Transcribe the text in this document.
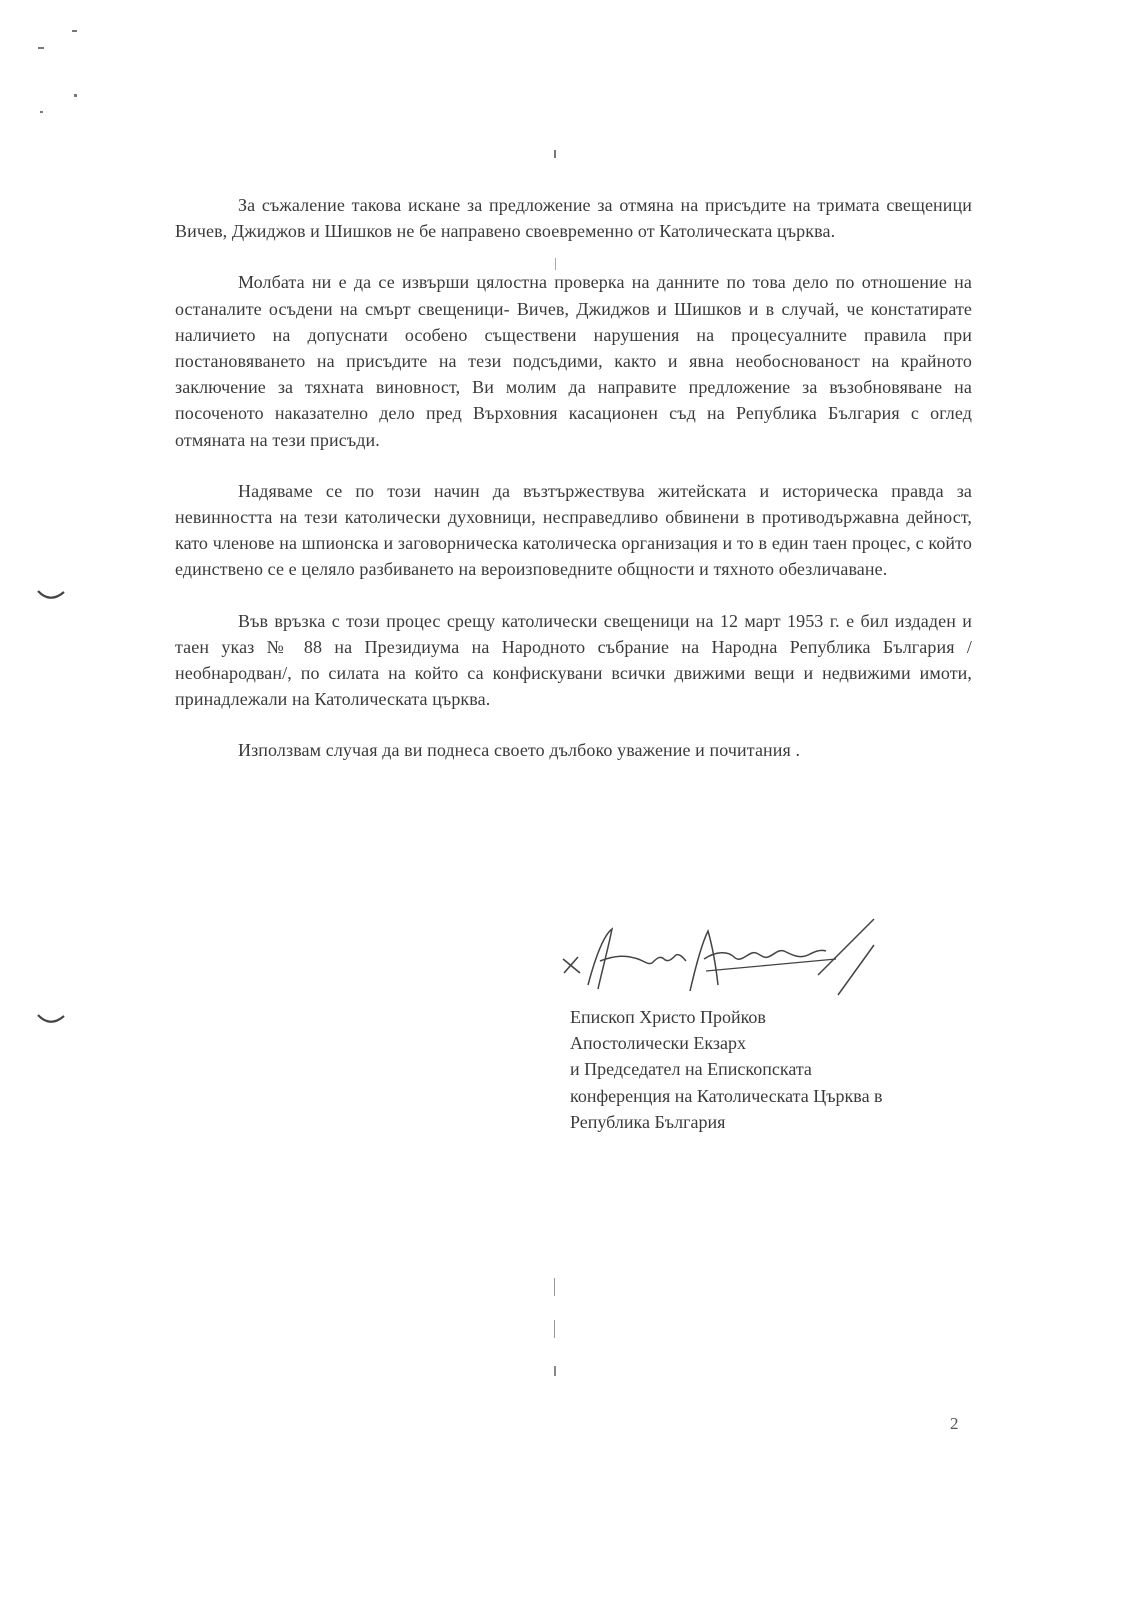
За съжаление такова искане за предложение за отмяна на присъдите на тримата свещеници Вичев, Джиджов и Шишков не бе направено своевременно от Католическата църква.

Молбата ни е да се извърши цялостна проверка на данните по това дело по отношение на останалите осъдени на смърт свещеници- Вичев, Джиджов и Шишков и в случай, че констатирате наличието на допуснати особено съществени нарушения на процесуалните правила при постановяването на присъдите на тези подсъдими, както и явна необоснованост на крайното заключение за тяхната виновност, Ви молим да направите предложение за възобновяване на посоченото наказателно дело пред Върховния касационен съд на Република България с оглед отмяната на тези присъди.

Надяваме се по този начин да възтържествува житейската и историческа правда за невинността на тези католически духовници, несправедливо обвинени в противодържавна дейност, като членове на шпионска и заговорническа католическа организация и то в един таен процес, с който единствено се е целяло разбиването на вероизповедните общности и тяхното обезличаване.

Във връзка с този процес срещу католически свещеници на 12 март 1953 г. е бил издаден и таен указ № 88 на Президиума на Народното събрание на Народна Република България /необнародван/, по силата на който са конфискувани всички движими вещи и недвижими имоти, принадлежали на Католическата църква.

Използвам случая да ви поднеса своето дълбоко уважение и почитания .

Епископ Христо Пройков
Апостолически Екзарх
и Председател на Епископската
конференция на Католическата Църква в
Република България
2
